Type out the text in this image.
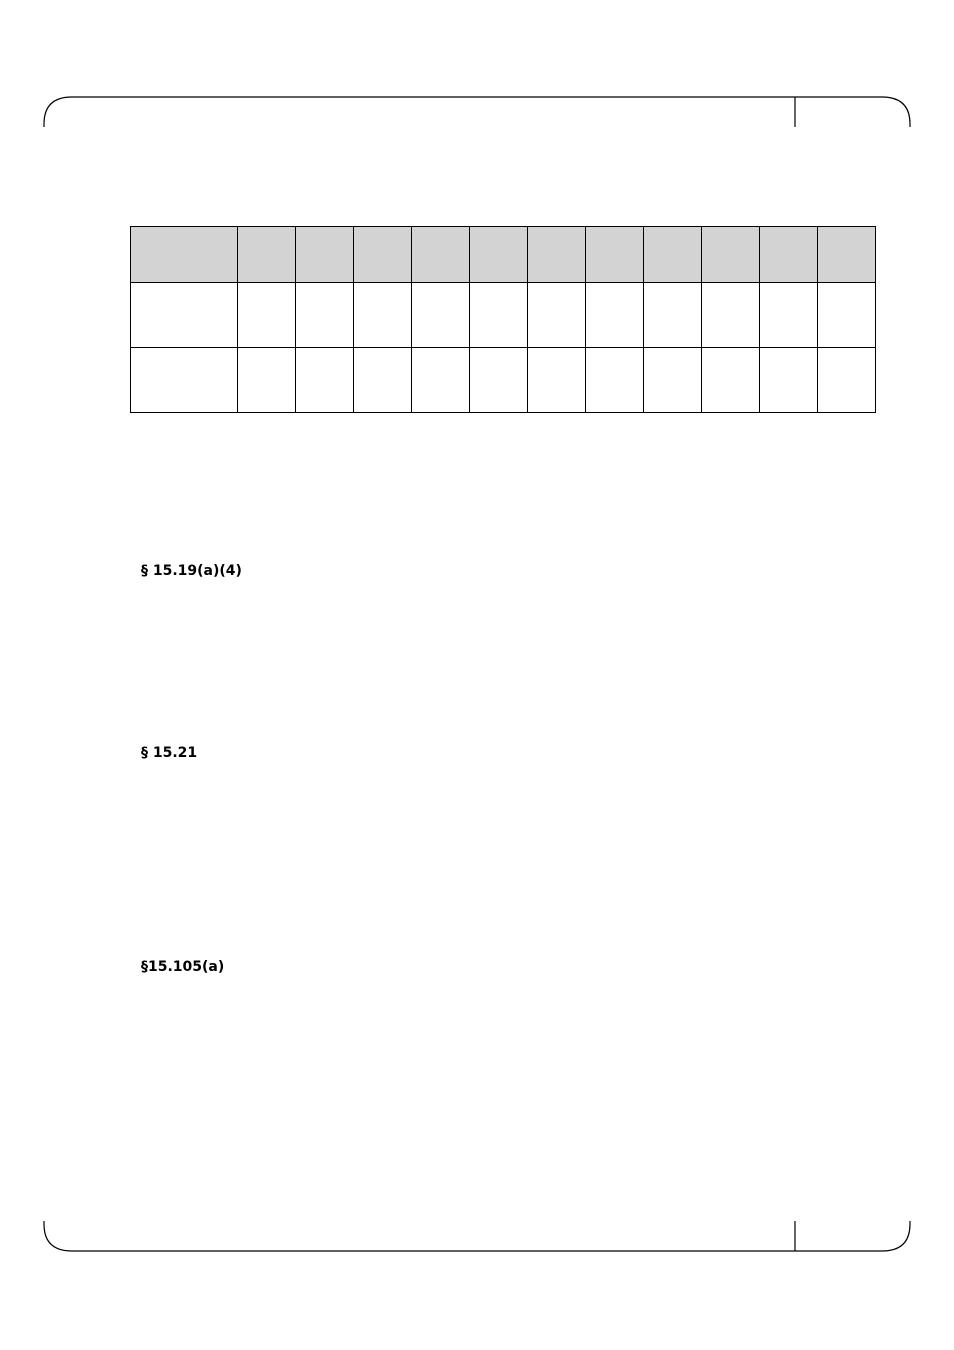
§ 15.19(a)(4)
§ 15.21
§15.105(a)
